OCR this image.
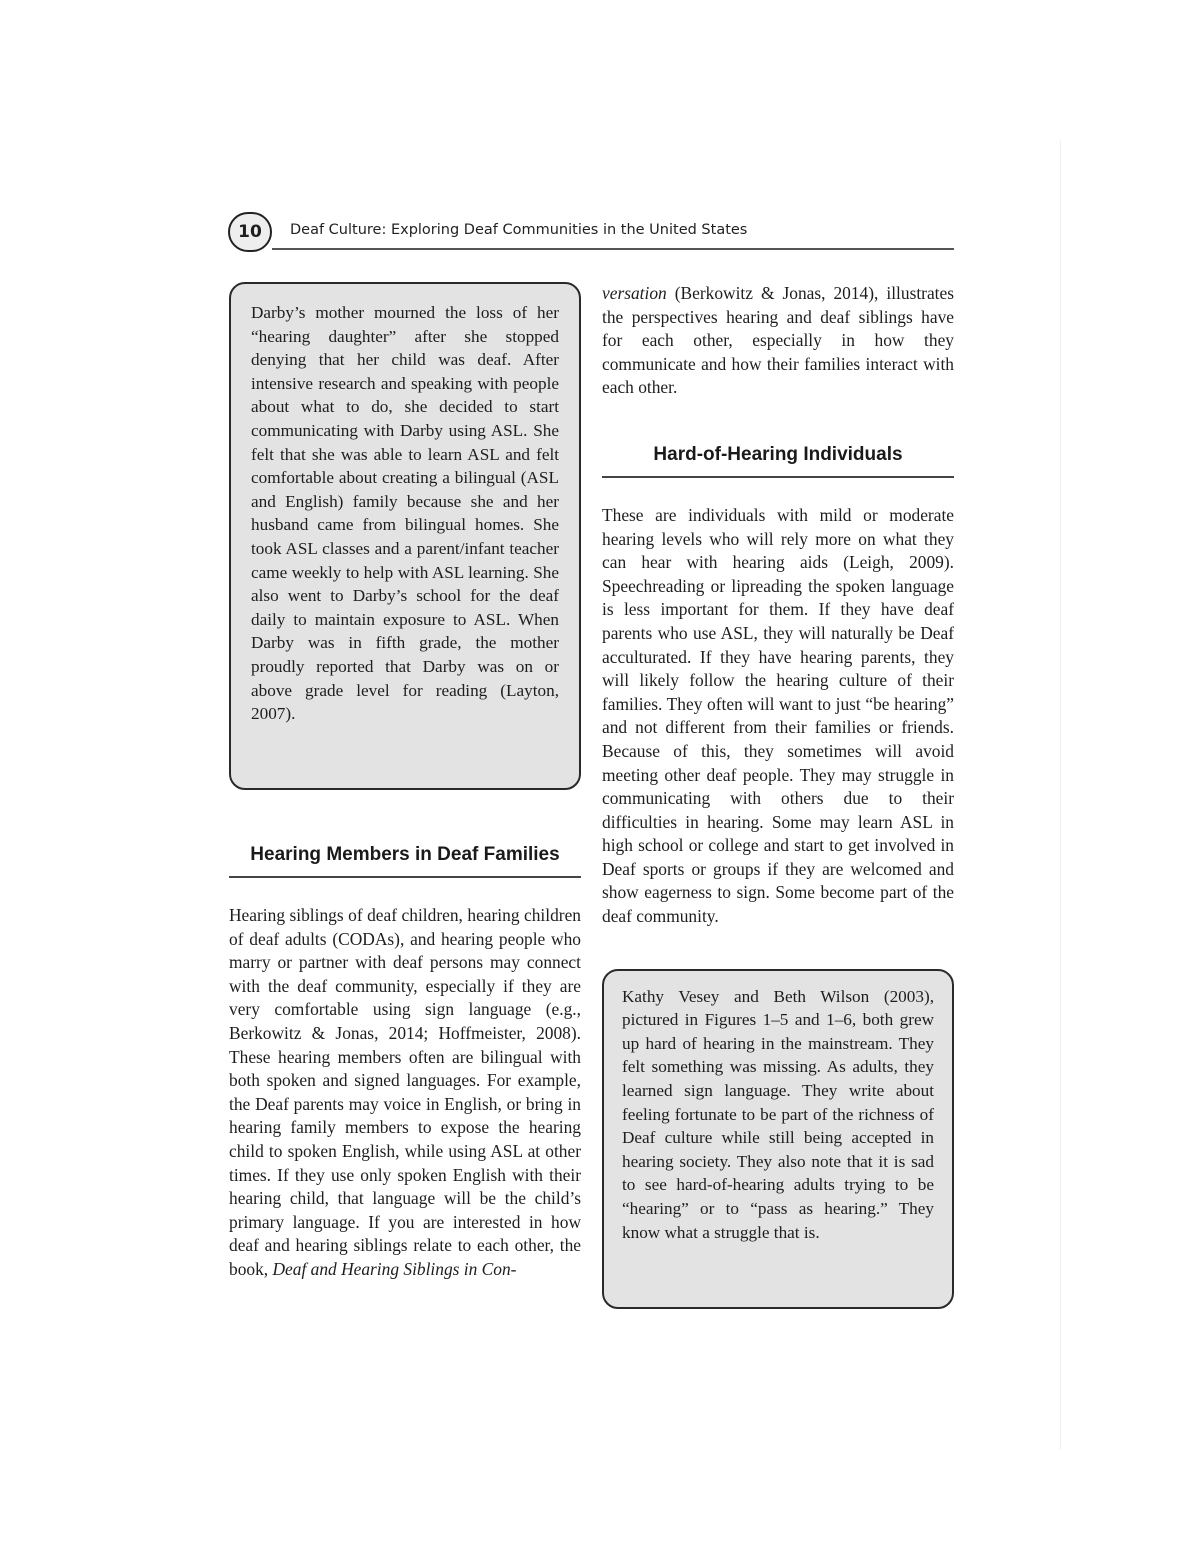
10	Deaf Culture: Exploring Deaf Communities in the United States

Darby’s mother mourned the loss of her “hearing daughter” after she stopped denying that her child was deaf. After intensive research and speaking with people about what to do, she decided to start communicating with Darby using ASL. She felt that she was able to learn ASL and felt comfortable about creating a bilingual (ASL and English) family because she and her husband came from bilingual homes. She took ASL classes and a parent/infant teacher came weekly to help with ASL learning. She also went to Darby’s school for the deaf daily to maintain exposure to ASL. When Darby was in fifth grade, the mother proudly reported that Darby was on or above grade level for reading (Layton, 2007).

Hearing Members in Deaf Families

Hearing siblings of deaf children, hearing children of deaf adults (CODAs), and hearing people who marry or partner with deaf persons may connect with the deaf community, especially if they are very comfortable using sign language (e.g., Berkowitz & Jonas, 2014; Hoffmeister, 2008). These hearing members often are bilingual with both spoken and signed languages. For example, the Deaf parents may voice in English, or bring in hearing family members to expose the hearing child to spoken English, while using ASL at other times. If they use only spoken English with their hearing child, that language will be the child’s primary language. If you are interested in how deaf and hearing siblings relate to each other, the book, Deaf and Hearing Siblings in Con-

versation (Berkowitz & Jonas, 2014), illustrates the perspectives hearing and deaf siblings have for each other, especially in how they communicate and how their families interact with each other.

Hard-of-Hearing Individuals

These are individuals with mild or moderate hearing levels who will rely more on what they can hear with hearing aids (Leigh, 2009). Speechreading or lipreading the spoken language is less important for them. If they have deaf parents who use ASL, they will naturally be Deaf acculturated. If they have hearing parents, they will likely follow the hearing culture of their families. They often will want to just “be hearing” and not different from their families or friends. Because of this, they sometimes will avoid meeting other deaf people. They may struggle in communicating with others due to their difficulties in hearing. Some may learn ASL in high school or college and start to get involved in Deaf sports or groups if they are welcomed and show eagerness to sign. Some become part of the deaf community.

Kathy Vesey and Beth Wilson (2003), pictured in Figures 1–5 and 1–6, both grew up hard of hearing in the mainstream. They felt something was missing. As adults, they learned sign language. They write about feeling fortunate to be part of the richness of Deaf culture while still being accepted in hearing society. They also note that it is sad to see hard-of-hearing adults trying to be “hearing” or to “pass as hearing.” They know what a struggle that is.
